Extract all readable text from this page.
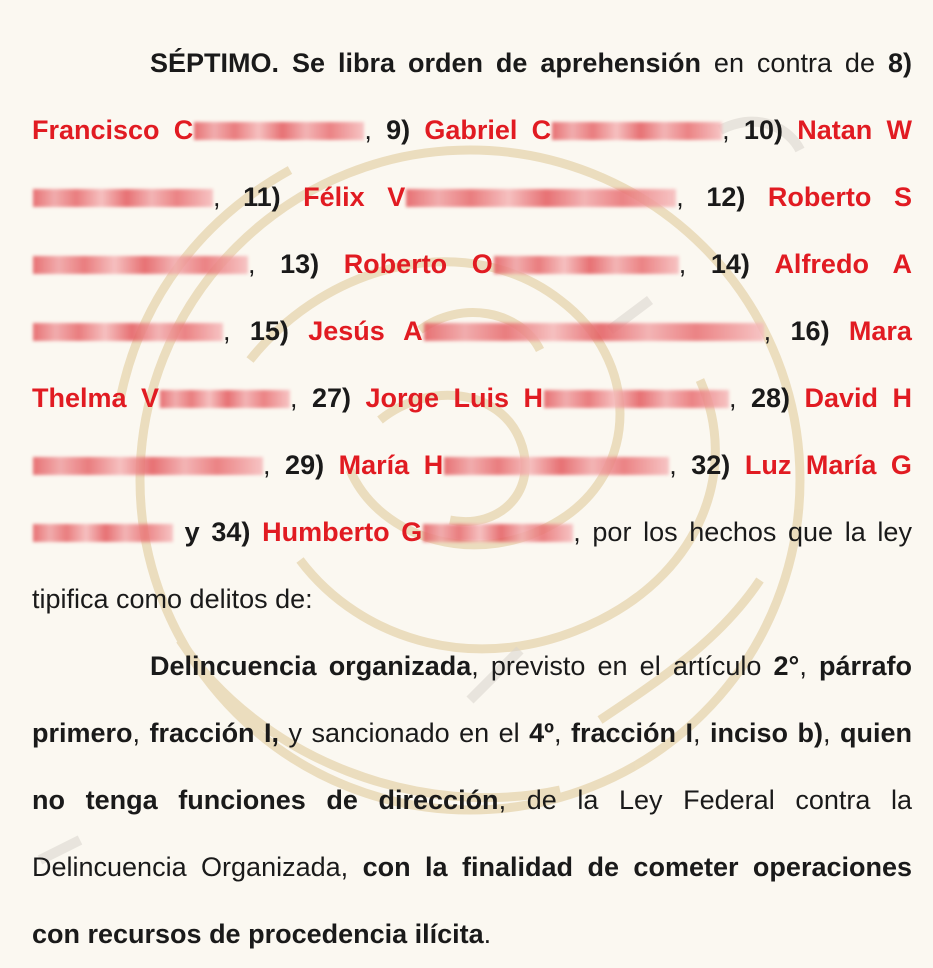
SÉPTIMO. Se libra orden de aprehensión en contra de 8) Francisco C	, 9) Gabriel C	, 10) Natan W, 11) Félix V	, 12) Roberto S, 13) Roberto O	, 14) Alfredo A, 15) Jesús A	, 16) Mara Thelma V	, 27) Jorge Luis H	, 28) David H, 29) María H	, 32) Luz María G y 34) Humberto G	, por los hechos que la ley tipifica como delitos de:

Delincuencia organizada, previsto en el artículo 2°, párrafo primero, fracción I, y sancionado en el 4º, fracción I, inciso b), quien no tenga funciones de dirección, de la Ley Federal contra la Delincuencia Organizada, con la finalidad de cometer operaciones con recursos de procedencia ilícita.
